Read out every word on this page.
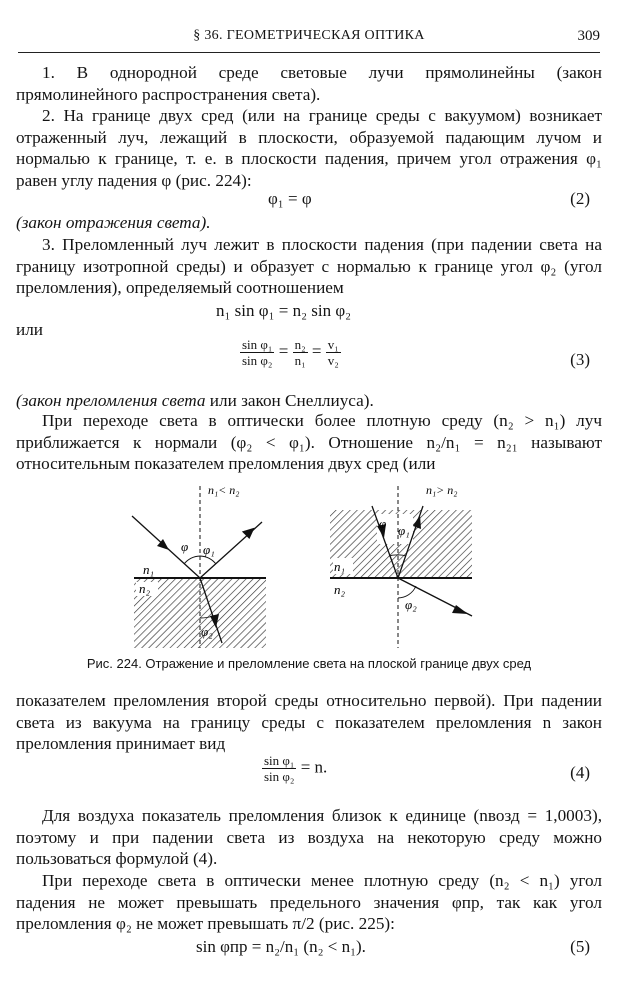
§ 36. ГЕОМЕТРИЧЕСКАЯ ОПТИКА	309
1. В однородной среде световые лучи прямолинейны (закон прямолинейного распространения света).
2. На границе двух сред (или на границе среды с вакуумом) возникает отраженный луч, лежащий в плоскости, образуемой падающим лучом и нормалью к границе, т. е. в плоскости падения, причем угол отражения φ₁ равен углу падения φ (рис. 224):
φ₁ = φ	(2)
(закон отражения света).
3. Преломленный луч лежит в плоскости падения (при падении света на границу изотропной среды) и образует с нормалью к границе угол φ₂ (угол преломления), определяемый соотношением
n₁ sin φ₁ = n₂ sin φ₂
или
$\frac{\text{sin φ₁}}{\text{sin φ₂}} = \frac{\text{n₂}}{\text{n₁}} = \frac{\text{v₁}}{\text{v₂}}$	(3)
(закон преломления света или закон Снеллиуса).
При переходе света в оптически более плотную среду (n₂ > n₁) луч приближается к нормали (φ₂ < φ₁). Отношение n₂/n₁ = n₂₁ называют относительным показателем преломления двух сред (или
n₁< n₂
φ φ₁
φ₂
n₁
n₂
n₁> n₂
φ φ₁
φ₂
n₁
n₂
Рис. 224. Отражение и преломление света на плоской границе двух сред
показателем преломления второй среды относительно первой). При падении света из вакуума на границу среды с показателем преломления n закон преломления принимает вид
$\frac{\text{sin φ₁}}{\text{sin φ₂}} = n$.	(4)
Для воздуха показатель преломления близок к единице (nвозд = 1,0003), поэтому и при падении света из воздуха на некоторую среду можно пользоваться формулой (4).
При переходе света в оптически менее плотную среду (n₂ < n₁) угол падения не может превышать предельного значения φпр, так как угол преломления φ₂ не может превышать π/2 (рис. 225):
sin φпр = n₂/n₁ (n₂ < n₁).	(5)
